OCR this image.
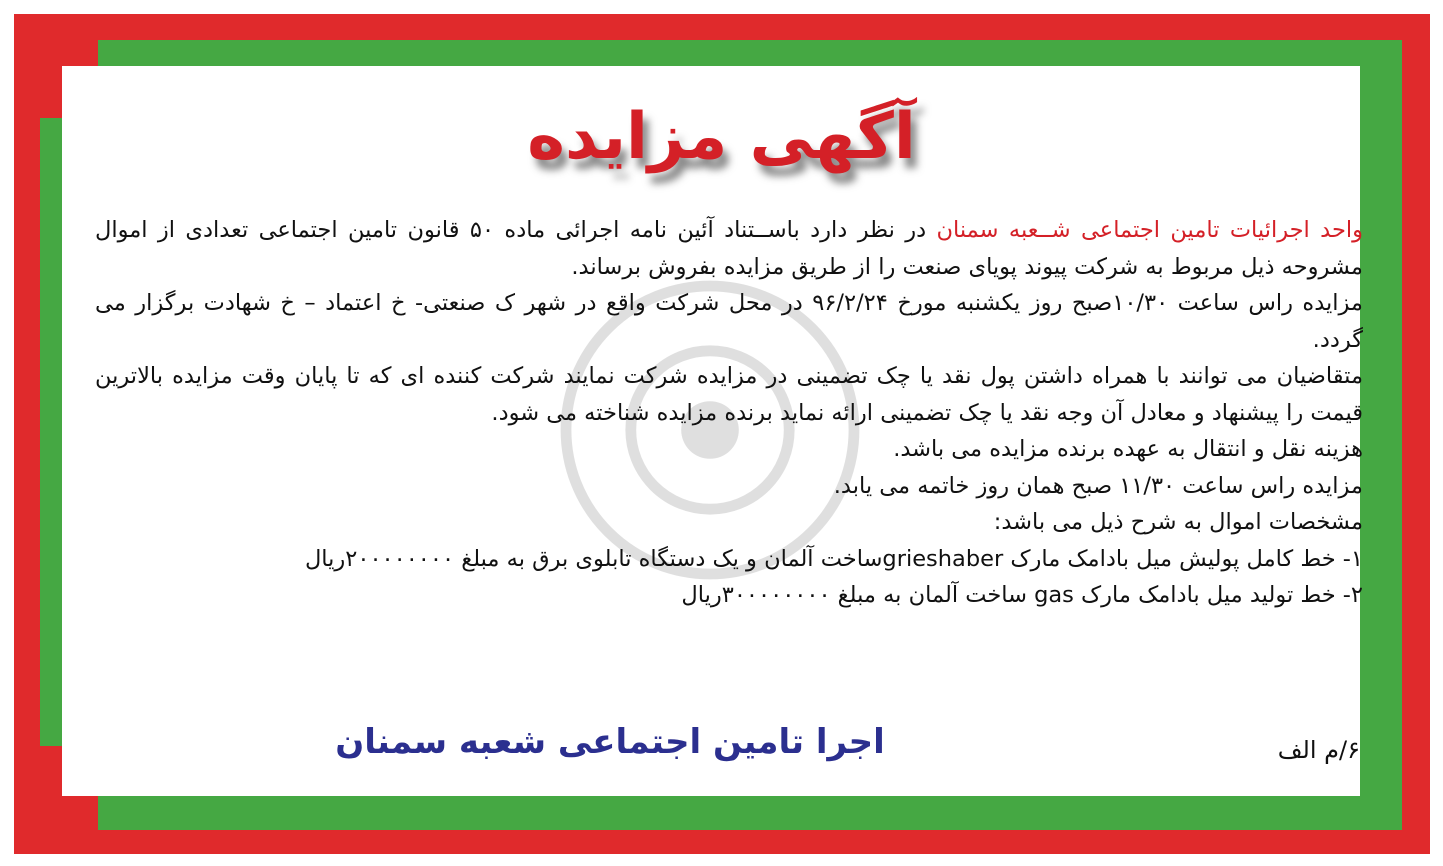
آگهی مزایده

واحد اجرائیات تامین اجتماعی شــعبه سمنان در نظر دارد باســتناد آئین نامه اجرائی ماده ۵۰ قانون تامین اجتماعی تعدادی از اموال مشروحه ذیل مربوط به شرکت پیوند پویای صنعت را از طریق مزایده بفروش برساند.

مزایده راس ساعت ۱۰/۳۰صبح روز یکشنبه مورخ ۹۶/۲/۲۴ در محل شرکت واقع در شهر ک صنعتی- خ اعتماد – خ شهادت برگزار می گردد.

متقاضیان می توانند با همراه داشتن پول نقد یا چک تضمینی در مزایده شرکت نمایند شرکت کننده ای که تا پایان وقت مزایده بالاترین قیمت را پیشنهاد و معادل آن وجه نقد یا چک تضمینی ارائه نماید برنده مزایده شناخته می شود.

هزینه نقل و انتقال به عهده برنده مزایده می باشد.

مزایده راس ساعت ۱۱/۳۰ صبح همان روز خاتمه می یابد.

مشخصات اموال به شرح ذیل می باشد:

۱- خط کامل پولیش میل بادامک مارک grieshaberساخت آلمان و یک دستگاه تابلوی برق به مبلغ ۲۰۰۰۰۰۰۰۰ریال

۲- خط تولید میل بادامک مارک gas ساخت آلمان به مبلغ ۳۰۰۰۰۰۰۰۰ریال

اجرا تامین اجتماعی شعبه سمنان	۶/م الف
